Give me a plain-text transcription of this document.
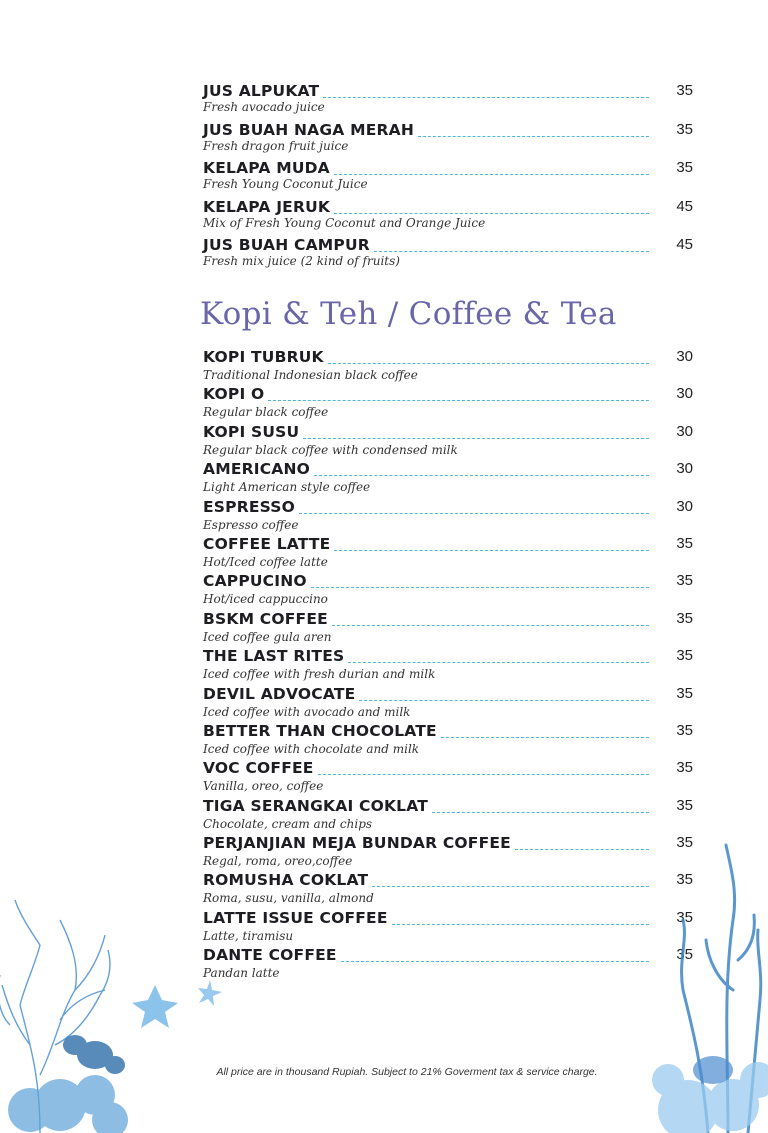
JUS ALPUKAT	35
Fresh avocado juice
JUS BUAH NAGA MERAH	35
Fresh dragon fruit juice
KELAPA MUDA	35
Fresh Young Coconut Juice
KELAPA JERUK	45
Mix of Fresh Young Coconut and Orange Juice
JUS BUAH CAMPUR	45
Fresh mix juice (2 kind of fruits)
Kopi & Teh / Coffee & Tea
KOPI TUBRUK	30
Traditional Indonesian black coffee
KOPI O	30
Regular black coffee
KOPI SUSU	30
Regular black coffee with condensed milk
AMERICANO	30
Light American style coffee
ESPRESSO	30
Espresso coffee
COFFEE LATTE	35
Hot/Iced coffee latte
CAPPUCINO	35
Hot/iced cappuccino
BSKM COFFEE	35
Iced coffee gula aren
THE LAST RITES	35
Iced coffee with fresh durian and milk
DEVIL ADVOCATE	35
Iced coffee with avocado and milk
BETTER THAN CHOCOLATE	35
Iced coffee with chocolate and milk
VOC COFFEE	35
Vanilla, oreo, coffee
TIGA SERANGKAI COKLAT	35
Chocolate, cream and chips
PERJANJIAN MEJA BUNDAR COFFEE	35
Regal, roma, oreo,coffee
ROMUSHA COKLAT	35
Roma, susu, vanilla, almond
LATTE ISSUE COFFEE	35
Latte, tiramisu
DANTE COFFEE	35
Pandan latte
All price are in thousand Rupiah. Subject to 21% Goverment tax & service charge.
